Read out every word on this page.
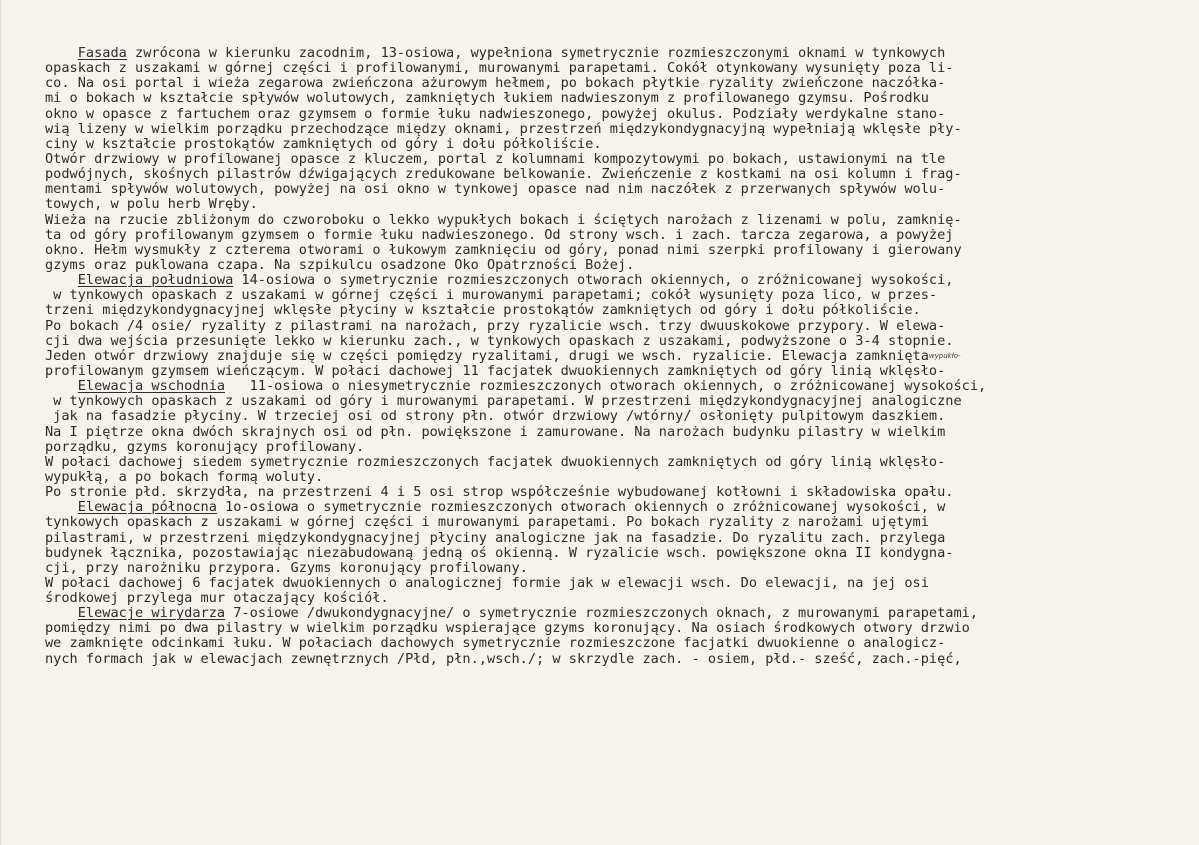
Fasada zwrócona w kierunku zacodnim, 13-osiowa, wypełniona symetrycznie rozmieszczonymi oknami w tynkowych
opaskach z uszakami w górnej części i profilowanymi, murowanymi parapetami. Cokół otynkowany wysunięty poza li-
co. Na osi portal i wieża zegarowa zwieńczona ażurowym hełmem, po bokach płytkie ryzality zwieńczone naczółka-
mi o bokach w kształcie spływów wolutowych, zamkniętych łukiem nadwieszonym z profilowanego gzymsu. Pośrodku
okno w opasce z fartuchem oraz gzymsem o formie łuku nadwieszonego, powyżej okulus. Podziały werdykalne stano-
wią lizeny w wielkim porządku przechodzące między oknami, przestrzeń międzykondygnacyjną wypełniają wklęsłe pły-
ciny w kształcie prostokątów zamkniętych od góry i dołu półkoliście.
Otwór drzwiowy w profilowanej opasce z kluczem, portal z kolumnami kompozytowymi po bokach, ustawionymi na tle
podwójnych, skośnych pilastrów dźwigających zredukowane belkowanie. Zwieńczenie z kostkami na osi kolumn i frag-
mentami spływów wolutowych, powyżej na osi okno w tynkowej opasce nad nim naczółek z przerwanych spływów wolu-
towych, w polu herb Wręby.
Wieża na rzucie zbliżonym do czworoboku o lekko wypukłych bokach i ściętych narożach z lizenami w polu, zamknię-
ta od góry profilowanym gzymsem o formie łuku nadwieszonego. Od strony wsch. i zach. tarcza zegarowa, a powyżej
okno. Hełm wysmukły z czterema otworami o łukowym zamknięciu od góry, ponad nimi szerpki profilowany i gierowany
gzyms oraz puklowana czapa. Na szpikulcu osadzone Oko Opatrzności Bożej.
Elewacja południowa 14-osiowa o symetrycznie rozmieszczonych otworach okiennych, o zróżnicowanej wysokości,
w tynkowych opaskach z uszakami w górnej części i murowanymi parapetami; cokół wysunięty poza lico, w przes-
trzeni międzykondygnacyjnej wklęsłe płyciny w kształcie prostokątów zamkniętych od góry i dołu półkoliście.
Po bokach /4 osie/ ryzality z pilastrami na narożach, przy ryzalicie wsch. trzy dwuuskokowe przypory. W elewa-
cji dwa wejścia przesunięte lekko w kierunku zach., w tynkowych opaskach z uszakami, podwyższone o 3-4 stopnie.
Jeden otwór drzwiowy znajduje się w części pomiędzy ryzalitami, drugi we wsch. ryzalicie. Elewacja zamknięta$^{wypukło-}$
profilowanym gzymsem wieńczącym. W połaci dachowej 11 facjatek dwuokiennych zamkniętych od góry linią wklęsło-
Elewacja wschodnia   11-osiowa o niesymetrycznie rozmieszczonych otworach okiennych, o zróżnicowanej wysokości,
w tynkowych opaskach z uszakami od góry i murowanymi parapetami. W przestrzeni międzykondygnacyjnej analogiczne
jak na fasadzie płyciny. W trzeciej osi od strony płn. otwór drzwiowy /wtórny/ osłonięty pulpitowym daszkiem.
Na I piętrze okna dwóch skrajnych osi od płn. powiększone i zamurowane. Na narożach budynku pilastry w wielkim
porządku, gzyms koronujący profilowany.
W połaci dachowej siedem symetrycznie rozmieszczonych facjatek dwuokiennych zamkniętych od góry linią wklęsło-
wypukłą, a po bokach formą woluty.
Po stronie płd. skrzydła, na przestrzeni 4 i 5 osi strop współcześnie wybudowanej kotłowni i składowiska opału.
Elewacja północna 1o-osiowa o symetrycznie rozmieszczonych otworach okiennych o zróżnicowanej wysokości, w
tynkowych opaskach z uszakami w górnej części i murowanymi parapetami. Po bokach ryzality z narożami ujętymi
pilastrami, w przestrzeni międzykondygnacyjnej płyciny analogiczne jak na fasadzie. Do ryzalitu zach. przylega
budynek łącznika, pozostawiając niezabudowaną jedną oś okienną. W ryzalicie wsch. powiększone okna II kondygna-
cji, przy narożniku przypora. Gzyms koronujący profilowany.
W połaci dachowej 6 facjatek dwuokiennych o analogicznej formie jak w elewacji wsch. Do elewacji, na jej osi
środkowej przylega mur otaczający kościół.
Elewacje wirydarza 7-osiowe /dwukondygnacyjne/ o symetrycznie rozmieszczonych oknach, z murowanymi parapetami,
pomiędzy nimi po dwa pilastry w wielkim porządku wspierające gzyms koronujący. Na osiach środkowych otwory drzwio
we zamknięte odcinkami łuku. W połaciach dachowych symetrycznie rozmieszczone facjatki dwuokienne o analogicz-
nych formach jak w elewacjach zewnętrznych /Płd, płn.,wsch./; w skrzydle zach. - osiem, płd.- sześć, zach.-pięć,
